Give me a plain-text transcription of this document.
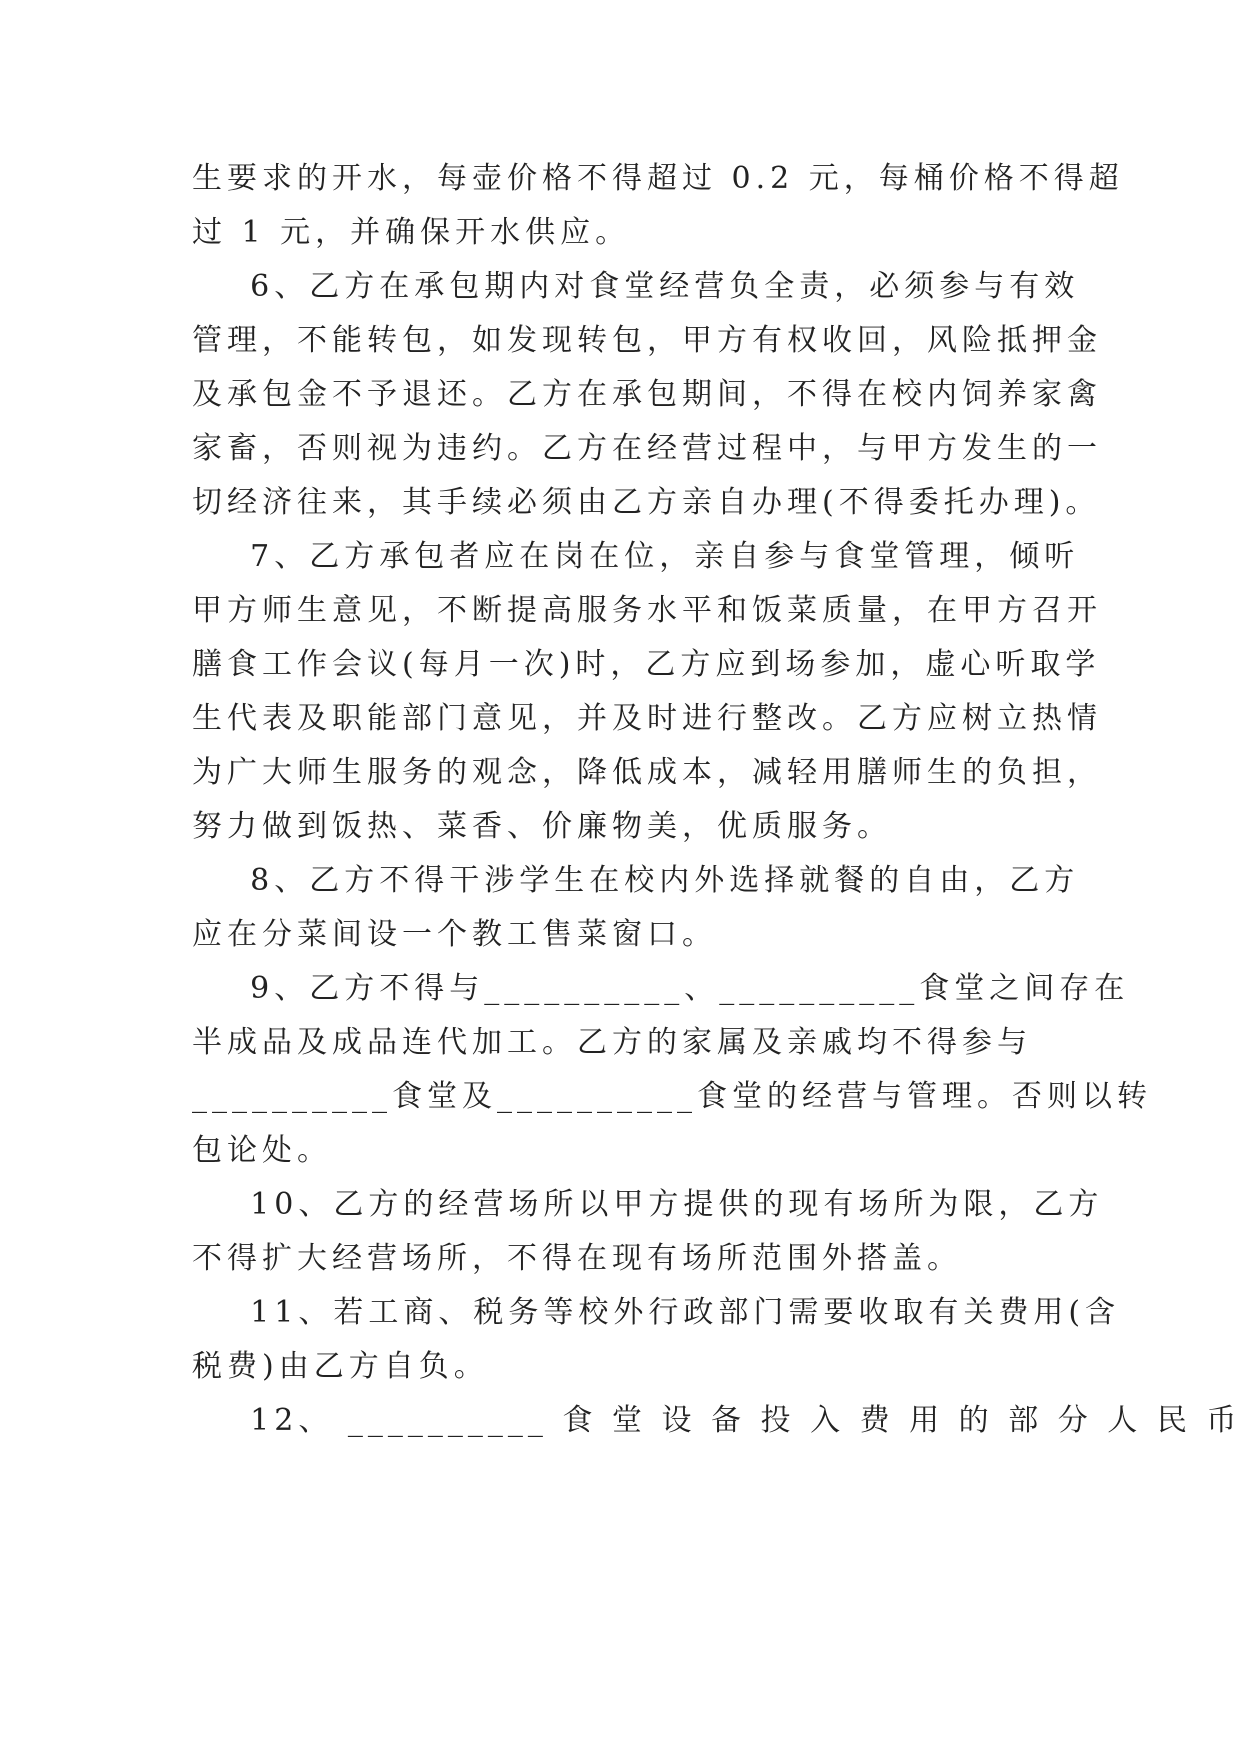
生要求的开水，每壶价格不得超过 0.2 元，每桶价格不得超
过 1 元，并确保开水供应。
6、乙方在承包期内对食堂经营负全责，必须参与有效
管理，不能转包，如发现转包，甲方有权收回，风险抵押金
及承包金不予退还。乙方在承包期间，不得在校内饲养家禽
家畜，否则视为违约。乙方在经营过程中，与甲方发生的一
切经济往来，其手续必须由乙方亲自办理(不得委托办理)。
7、乙方承包者应在岗在位，亲自参与食堂管理，倾听
甲方师生意见，不断提高服务水平和饭菜质量，在甲方召开
膳食工作会议(每月一次)时，乙方应到场参加，虚心听取学
生代表及职能部门意见，并及时进行整改。乙方应树立热情
为广大师生服务的观念，降低成本，减轻用膳师生的负担，
努力做到饭热、菜香、价廉物美，优质服务。
8、乙方不得干涉学生在校内外选择就餐的自由，乙方
应在分菜间设一个教工售菜窗口。
9、乙方不得与__________、__________食堂之间存在
半成品及成品连代加工。乙方的家属及亲戚均不得参与
__________食堂及__________食堂的经营与管理。否则以转
包论处。
10、乙方的经营场所以甲方提供的现有场所为限，乙方
不得扩大经营场所，不得在现有场所范围外搭盖。
11、若工商、税务等校外行政部门需要收取有关费用(含
税费)由乙方自负。
12、 __________ 食 堂 设 备 投 入 费 用 的 部 分 人 民 币
